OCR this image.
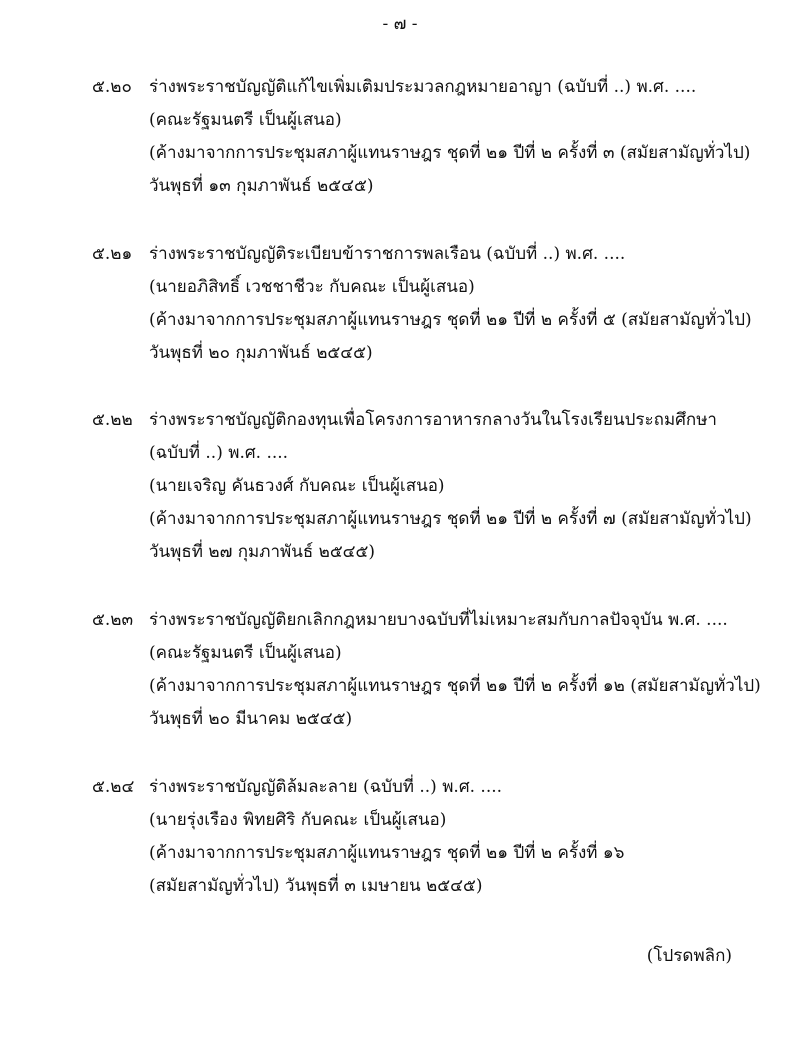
- ๗ -
๕.๒๐	ร่างพระราชบัญญัติแก้ไขเพิ่มเติมประมวลกฎหมายอาญา (ฉบับที่ ..) พ.ศ. ....
(คณะรัฐมนตรี เป็นผู้เสนอ)
(ค้างมาจากการประชุมสภาผู้แทนราษฎร ชุดที่ ๒๑ ปีที่ ๒ ครั้งที่ ๓ (สมัยสามัญทั่วไป)
วันพุธที่ ๑๓ กุมภาพันธ์ ๒๕๔๕)
๕.๒๑ ร่างพระราชบัญญัติระเบียบข้าราชการพลเรือน (ฉบับที่ ..) พ.ศ. ....
(นายอภิสิทธิ์ เวชชาชีวะ กับคณะ เป็นผู้เสนอ)
(ค้างมาจากการประชุมสภาผู้แทนราษฎร ชุดที่ ๒๑ ปีที่ ๒ ครั้งที่ ๕ (สมัยสามัญทั่วไป)
วันพุธที่ ๒๐ กุมภาพันธ์ ๒๕๔๕)
๕.๒๒ ร่างพระราชบัญญัติกองทุนเพื่อโครงการอาหารกลางวันในโรงเรียนประถมศึกษา
(ฉบับที่ ..) พ.ศ. ....
(นายเจริญ คันธวงศ์ กับคณะ เป็นผู้เสนอ)
(ค้างมาจากการประชุมสภาผู้แทนราษฎร ชุดที่ ๒๑ ปีที่ ๒ ครั้งที่ ๗ (สมัยสามัญทั่วไป)
วันพุธที่ ๒๗ กุมภาพันธ์ ๒๕๔๕)
๕.๒๓ ร่างพระราชบัญญัติยกเลิกกฎหมายบางฉบับที่ไม่เหมาะสมกับกาลปัจจุบัน พ.ศ. ....
(คณะรัฐมนตรี เป็นผู้เสนอ)
(ค้างมาจากการประชุมสภาผู้แทนราษฎร ชุดที่ ๒๑ ปีที่ ๒ ครั้งที่ ๑๒ (สมัยสามัญทั่วไป)
วันพุธที่ ๒๐ มีนาคม ๒๕๔๕)
๕.๒๔ ร่างพระราชบัญญัติล้มละลาย (ฉบับที่ ..) พ.ศ. ....
(นายรุ่งเรือง พิทยศิริ กับคณะ เป็นผู้เสนอ)
(ค้างมาจากการประชุมสภาผู้แทนราษฎร ชุดที่ ๒๑ ปีที่ ๒ ครั้งที่ ๑๖
(สมัยสามัญทั่วไป) วันพุธที่ ๓ เมษายน ๒๕๔๕)
(โปรดพลิก)
